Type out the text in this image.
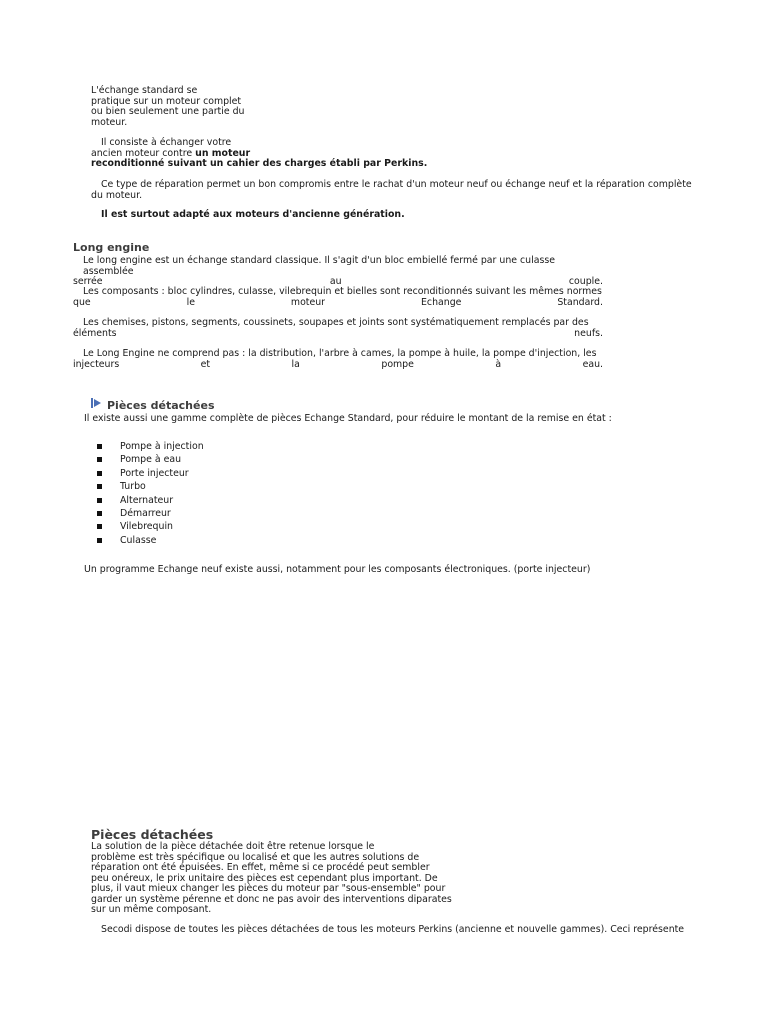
L'échange standard se

pratique sur un moteur complet

ou bien seulement une partie du

moteur.

Il consiste à échanger votre

ancien moteur contre un moteur

reconditionné suivant un cahier des charges établi par Perkins.

Ce type de réparation permet un bon compromis entre le rachat d'un moteur neuf ou échange neuf et la réparation complète

du moteur.

Il est surtout adapté aux moteurs d'ancienne génération.
Long engine

Le long engine est un échange standard classique. Il s'agit d'un bloc embiellé fermé par une culasse assemblée

serrée au couple.

Les composants : bloc cylindres, culasse, vilebrequin et bielles sont reconditionnés suivant les mêmes normes

que le moteur Echange Standard.

Les chemises, pistons, segments, coussinets, soupapes et joints sont systématiquement remplacés par des

éléments neufs.

Le Long Engine ne comprend pas : la distribution, l'arbre à cames, la pompe à huile, la pompe d'injection, les

injecteurs et la pompe à eau.

Pièces détachées
Il existe aussi une gamme complète de pièces Echange Standard, pour réduire le montant de la remise en état :
Pompe à injection
Pompe à eau
Porte injecteur
Turbo
Alternateur
Démarreur
Vilebrequin
Culasse
Un programme Echange neuf existe aussi, notamment pour les composants électroniques. (porte injecteur)
Pièces détachées

La solution de la pièce détachée doit être retenue lorsque le

problème est très spécifique ou localisé et que les autres solutions de

réparation ont été épuisées. En effet, même si ce procédé peut sembler

peu onéreux, le prix unitaire des pièces est cependant plus important. De

plus, il vaut mieux changer les pièces du moteur par "sous-ensemble" pour

garder un système pérenne et donc ne pas avoir des interventions diparates

sur un même composant.

Secodi dispose de toutes les pièces détachées de tous les moteurs Perkins (ancienne et nouvelle gammes). Ceci représente
